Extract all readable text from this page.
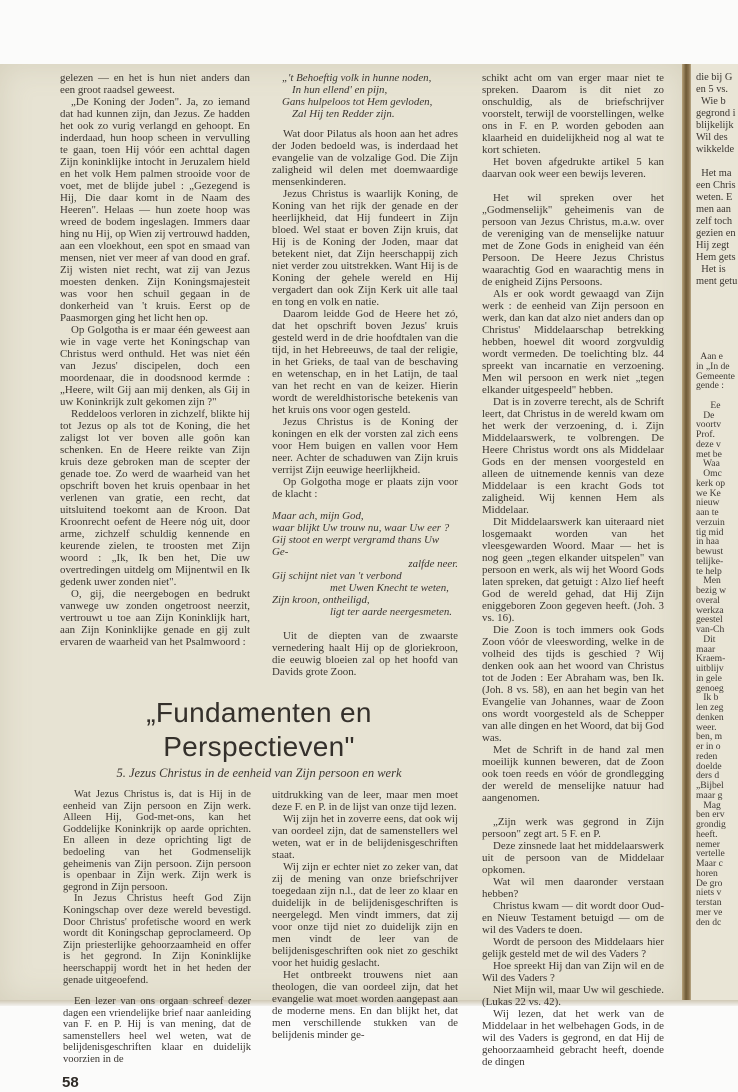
gelezen — en het is hun niet anders dan een groot raadsel geweest.

„De Koning der Joden". Ja, zo iemand dat had kunnen zijn, dan Jezus. Ze hadden het ook zo vurig verlangd en gehoopt. En inderdaad, hun hoop scheen in vervulling te gaan, toen Hij vóór een achttal dagen Zijn koninklijke intocht in Jeruzalem hield en het volk Hem palmen strooide voor de voet, met de blijde jubel : „Gezegend is Hij, Die daar komt in de Naam des Heeren". Helaas — hun zoete hoop was wreed de bodem ingeslagen. Immers daar hing nu Hij, op Wien zij vertrouwd hadden, aan een vloekhout, een spot en smaad van mensen, niet ver meer af van dood en graf. Zij wisten niet recht, wat zij van Jezus moesten denken. Zijn Koningsmajesteit was voor hen schuil gegaan in de donkerheid van 't kruis. Eerst op de Paasmorgen ging het licht hen op.

Op Golgotha is er maar één geweest aan wie in vage verte het Koningschap van Christus werd onthuld. Het was niet één van Jezus' discipelen, doch een moordenaar, die in doodsnood kermde : „Heere, wilt Gij aan mij denken, als Gij in uw Koninkrijk zult gekomen zijn ?"

Reddeloos verloren in zichzelf, blikte hij tot Jezus op als tot de Koning, die het zaligst lot ver boven alle goôn kan schenken. En de Heere reikte van Zijn kruis deze gebroken man de scepter der genade toe. Zo werd de waarheid van het opschrift boven het kruis openbaar in het verlenen van gratie, een recht, dat uitsluitend toekomt aan de Kroon. Dat Kroonrecht oefent de Heere nóg uit, door arme, zichzelf schuldig kennende en keurende zielen, te troosten met Zijn woord : „Ik, Ik ben het, Die uw overtredingen uitdelg om Mijnentwil en Ik gedenk uwer zonden niet".

O, gij, die neergebogen en bedrukt vanwege uw zonden ongetroost neerzit, vertrouwt u toe aan Zijn Koninklijk hart, aan Zijn Koninklijke genade en gij zult ervaren de waarheid van het Psalmwoord :

„'t Behoeftig volk in hunne noden,

In hun ellend' en pijn,

Gans hulpeloos tot Hem gevloden,

Zal Hij ten Redder zijn.

Wat door Pilatus als hoon aan het adres der Joden bedoeld was, is inderdaad het evangelie van de volzalige God. Die Zijn zaligheid wil delen met doemwaardige mensenkinderen.

Jezus Christus is waarlijk Koning, de Koning van het rijk der genade en der heerlijkheid, dat Hij fundeert in Zijn bloed. Wel staat er boven Zijn kruis, dat Hij is de Koning der Joden, maar dat betekent niet, dat Zijn heerschappij zich niet verder zou uitstrekken. Want Hij is de Koning der gehele wereld en Hij vergadert dan ook Zijn Kerk uit alle taal en tong en volk en natie.

Daarom leidde God de Heere het zó, dat het opschrift boven Jezus' kruis gesteld werd in de drie hoofdtalen van die tijd, in het Hebreeuws, de taal der religie, in het Grieks, de taal van de beschaving en wetenschap, en in het Latijn, de taal van het recht en van de keizer. Hierin wordt de wereldhistorische betekenis van het kruis ons voor ogen gesteld.

Jezus Christus is de Koning der koningen en elk der vorsten zal zich eens voor Hem buigen en vallen voor Hem neer. Achter de schaduwen van Zijn kruis verrijst Zijn eeuwige heerlijkheid.

Op Golgotha moge er plaats zijn voor de klacht :

Maar ach, mijn God,

waar blijkt Uw trouw nu, waar Uw eer ?

Gij stoot en werpt vergramd thans Uw Ge-

zalfde neer.

Gij schijnt niet van 't verbond

met Uwen Knecht te weten,

Zijn kroon, ontheiligd,

ligt ter aarde neergesmeten.

Uit de diepten van de zwaarste vernedering haalt Hij op de gloriekroon, die eeuwig bloeien zal op het hoofd van Davids grote Zoon.

„Fundamenten en Perspectieven"
5. Jezus Christus in de eenheid van Zijn persoon en werk

Wat Jezus Christus is, dat is Hij in de eenheid van Zijn persoon en Zijn werk. Alleen Hij, God-met-ons, kan het Goddelijke Koninkrijk op aarde oprichten. En alleen in deze oprichting ligt de bedoeling van het Godmenselijk geheimenis van Zijn persoon. Zijn persoon is openbaar in Zijn werk. Zijn werk is gegrond in Zijn persoon.

In Jezus Christus heeft God Zijn Koningschap over deze wereld bevestigd. Door Christus' profetische woord en werk wordt dit Koningschap geproclameerd. Op Zijn priesterlijke gehoorzaamheid en offer is het gegrond. In Zijn Koninklijke heerschappij wordt het in het heden der genade uitgeoefend.

Een lezer van ons orgaan schreef dezer dagen een vriendelijke brief naar aanleiding van F. en P. Hij is van mening, dat de samenstellers heel wel weten, wat de belijdenisgeschriften klaar en duidelijk voorzien in de

uitdrukking van de leer, maar men moet deze F. en P. in de lijst van onze tijd lezen.

Wij zijn het in zoverre eens, dat ook wij van oordeel zijn, dat de samenstellers wel weten, wat er in de belijdenisgeschriften staat.

Wij zijn er echter niet zo zeker van, dat zij de mening van onze briefschrijver toegedaan zijn n.l., dat de leer zo klaar en duidelijk in de belijdenisgeschriften is neergelegd. Men vindt immers, dat zij voor onze tijd niet zo duidelijk zijn en men vindt de leer van de belijdenisgeschriften ook niet zo geschikt voor het huidig geslacht.

Het ontbreekt trouwens niet aan theologen, die van oordeel zijn, dat het evangelie wat moet worden aangepast aan de moderne mens. En dan blijkt het, dat men verschillende stukken van de belijdenis minder ge-

58

schikt acht om van erger maar niet te spreken. Daarom is dit niet zo onschuldig, als de briefschrijver voorstelt, terwijl de voorstellingen, welke ons in F. en P. worden geboden aan klaarheid en duidelijkheid nog al wat te kort schieten.

Het boven afgedrukte artikel 5 kan daarvan ook weer een bewijs leveren.

Het wil spreken over het „Godmenselijk" geheimenis van de persoon van Jezus Christus, m.a.w. over de vereniging van de menselijke natuur met de Zone Gods in enigheid van één Persoon. De Heere Jezus Christus waarachtig God en waarachtig mens in de enigheid Zijns Persoons.

Als er ook wordt gewaagd van Zijn werk : de eenheid van Zijn persoon en werk, dan kan dat alzo niet anders dan op Christus' Middelaarschap betrekking hebben, hoewel dit woord zorgvuldig wordt vermeden. De toelichting blz. 44 spreekt van incarnatie en verzoening. Men wil persoon en werk niet „tegen elkander uitgespeeld" hebben.

Dat is in zoverre terecht, als de Schrift leert, dat Christus in de wereld kwam om het werk der verzoening, d. i. Zijn Middelaarswerk, te volbrengen. De Heere Christus wordt ons als Middelaar Gods en der mensen voorgesteld en alleen de uitnemende kennis van deze Middelaar is een kracht Gods tot zaligheid. Wij kennen Hem als Middelaar.

Dit Middelaarswerk kan uiteraard niet losgemaakt worden van het vleesgewarden Woord. Maar — het is nog geen „tegen elkander uitspelen" van persoon en werk, als wij het Woord Gods laten spreken, dat getuigt : Alzo lief heeft God de wereld gehad, dat Hij Zijn eniggeboren Zoon gegeven heeft. (Joh. 3 vs. 16).

Die Zoon is toch immers ook Gods Zoon vóór de vleeswording, welke in de volheid des tijds is geschied ? Wij denken ook aan het woord van Christus tot de Joden : Eer Abraham was, ben Ik. (Joh. 8 vs. 58), en aan het begin van het Evangelie van Johannes, waar de Zoon ons wordt voorgesteld als de Schepper van alle dingen en het Woord, dat bij God was.

Met de Schrift in de hand zal men moeilijk kunnen beweren, dat de Zoon ook toen reeds en vóór de grondlegging der wereld de menselijke natuur had aangenomen.

„Zijn werk was gegrond in Zijn persoon" zegt art. 5 F. en P.

Deze zinsnede laat het middelaarswerk uit de persoon van de Middelaar opkomen.

Wat wil men daaronder verstaan hebben?

Christus kwam — dit wordt door Oud- en Nieuw Testament betuigd — om de wil des Vaders te doen.

Wordt de persoon des Middelaars hier gelijk gesteld met de wil des Vaders ?

Hoe spreekt Hij dan van Zijn wil en de Wil des Vaders ?

Niet Mijn wil, maar Uw wil geschiede. (Lukas 22 vs. 42).

Wij lezen, dat het werk van de Middelaar in het welbehagen Gods, in de wil des Vaders is gegrond, en dat Hij de gehoorzaamheid gebracht heeft, doende de dingen

die bij G
en 5 vs.
Wie b
gegrond i
blijkelijk
Wil des
wikkelde
Het ma
een Chris
weten. E
men aan
zelf toch
gezien en
Hij zegt
Hem gets
Het is
ment getu
Aan e
in „In de
Gemeente
gende :
Ee
De
voortv
Prof.
deze v
met be
Waa
Omc
kerk op
we Ke
nieuw
aan te
verzuin
tig mid
in haa
bewust
telijke-
te help
Men
bezig w
overal
werkza
geestel
van-Ch
Dit
maar
Kraem-
uitblijv
in gele
genoeg
Ik b
len zeg
denken
weer.
ben, m
er in o
reden
doelde
ders d
„Bijbel
maar g
Mag
ben erv
grondig
heeft.
nemer
vertelle
Maar c
horen
De gro
niets v
terstan
mer ve
den dc
